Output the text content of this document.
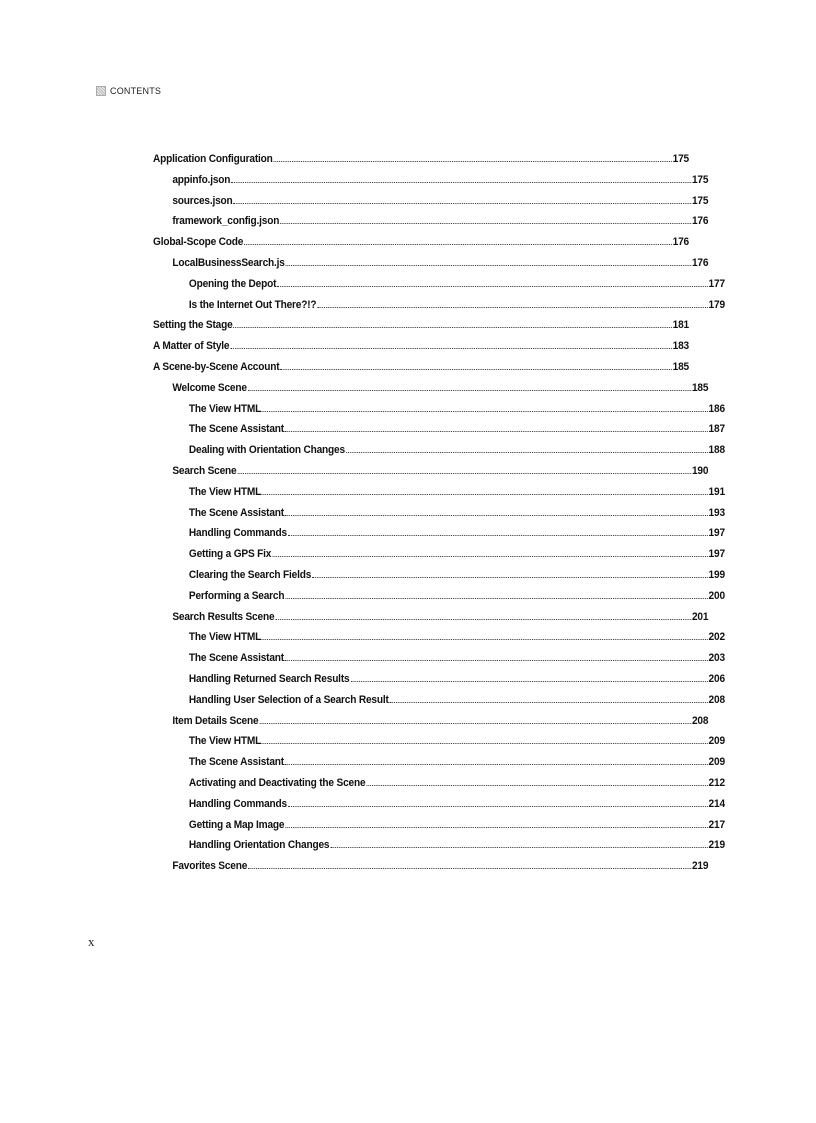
CONTENTS
Application Configuration	175
appinfo.json	175
sources.json	175
framework_config.json	176
Global-Scope Code	176
LocalBusinessSearch.js	176
Opening the Depot	177
Is the Internet Out There?!?	179
Setting the Stage	181
A Matter of Style	183
A Scene-by-Scene Account	185
Welcome Scene	185
The View HTML	186
The Scene Assistant	187
Dealing with Orientation Changes	188
Search Scene	190
The View HTML	191
The Scene Assistant	193
Handling Commands	197
Getting a GPS Fix	197
Clearing the Search Fields	199
Performing a Search	200
Search Results Scene	201
The View HTML	202
The Scene Assistant	203
Handling Returned Search Results	206
Handling User Selection of a Search Result	208
Item Details Scene	208
The View HTML	209
The Scene Assistant	209
Activating and Deactivating the Scene	212
Handling Commands	214
Getting a Map Image	217
Handling Orientation Changes	219
Favorites Scene	219
x
